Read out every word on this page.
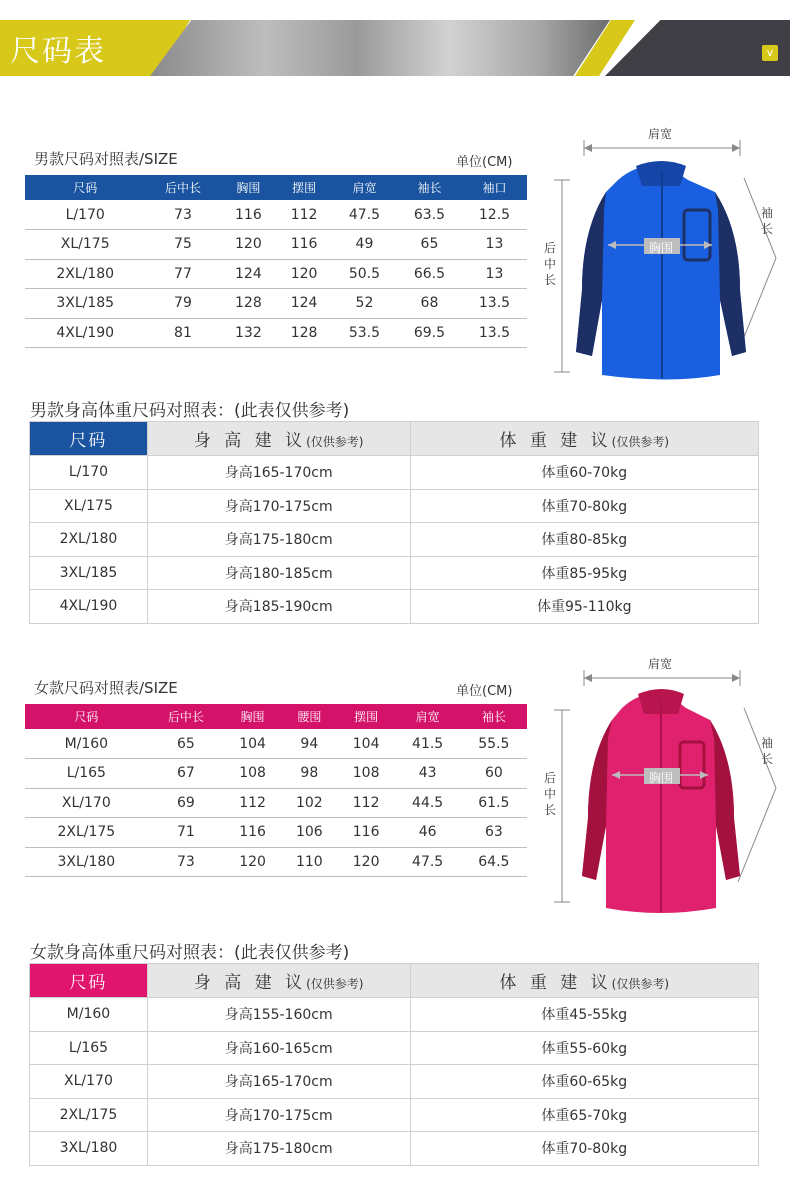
尺码表	v
男款尺码对照表/SIZE	单位(CM)
尺码	后中长	胸围	摆围	肩宽	袖长	袖口
L/170	73	116	112	47.5	63.5	12.5
XL/175	75	120	116	49	65	13
2XL/180	77	124	120	50.5	66.5	13
3XL/185	79	128	124	52	68	13.5
4XL/190	81	132	128	53.5	69.5	13.5
肩宽
后中长
袖长
胸围
男款身高体重尺码对照表：(此表仅供参考)
尺码	身 高 建 议(仅供参考)	体 重 建 议(仅供参考)
L/170	身高165-170cm	体重60-70kg
XL/175	身高170-175cm	体重70-80kg
2XL/180	身高175-180cm	体重80-85kg
3XL/185	身高180-185cm	体重85-95kg
4XL/190	身高185-190cm	体重95-110kg
女款尺码对照表/SIZE	单位(CM)
尺码	后中长	胸围	腰围	摆围	肩宽	袖长
M/160	65	104	94	104	41.5	55.5
L/165	67	108	98	108	43	60
XL/170	69	112	102	112	44.5	61.5
2XL/175	71	116	106	116	46	63
3XL/180	73	120	110	120	47.5	64.5
肩宽
后中长
袖长
胸围
女款身高体重尺码对照表：(此表仅供参考)
尺码	身 高 建 议(仅供参考)	体 重 建 议(仅供参考)
M/160	身高155-160cm	体重45-55kg
L/165	身高160-165cm	体重55-60kg
XL/170	身高165-170cm	体重60-65kg
2XL/175	身高170-175cm	体重65-70kg
3XL/180	身高175-180cm	体重70-80kg
